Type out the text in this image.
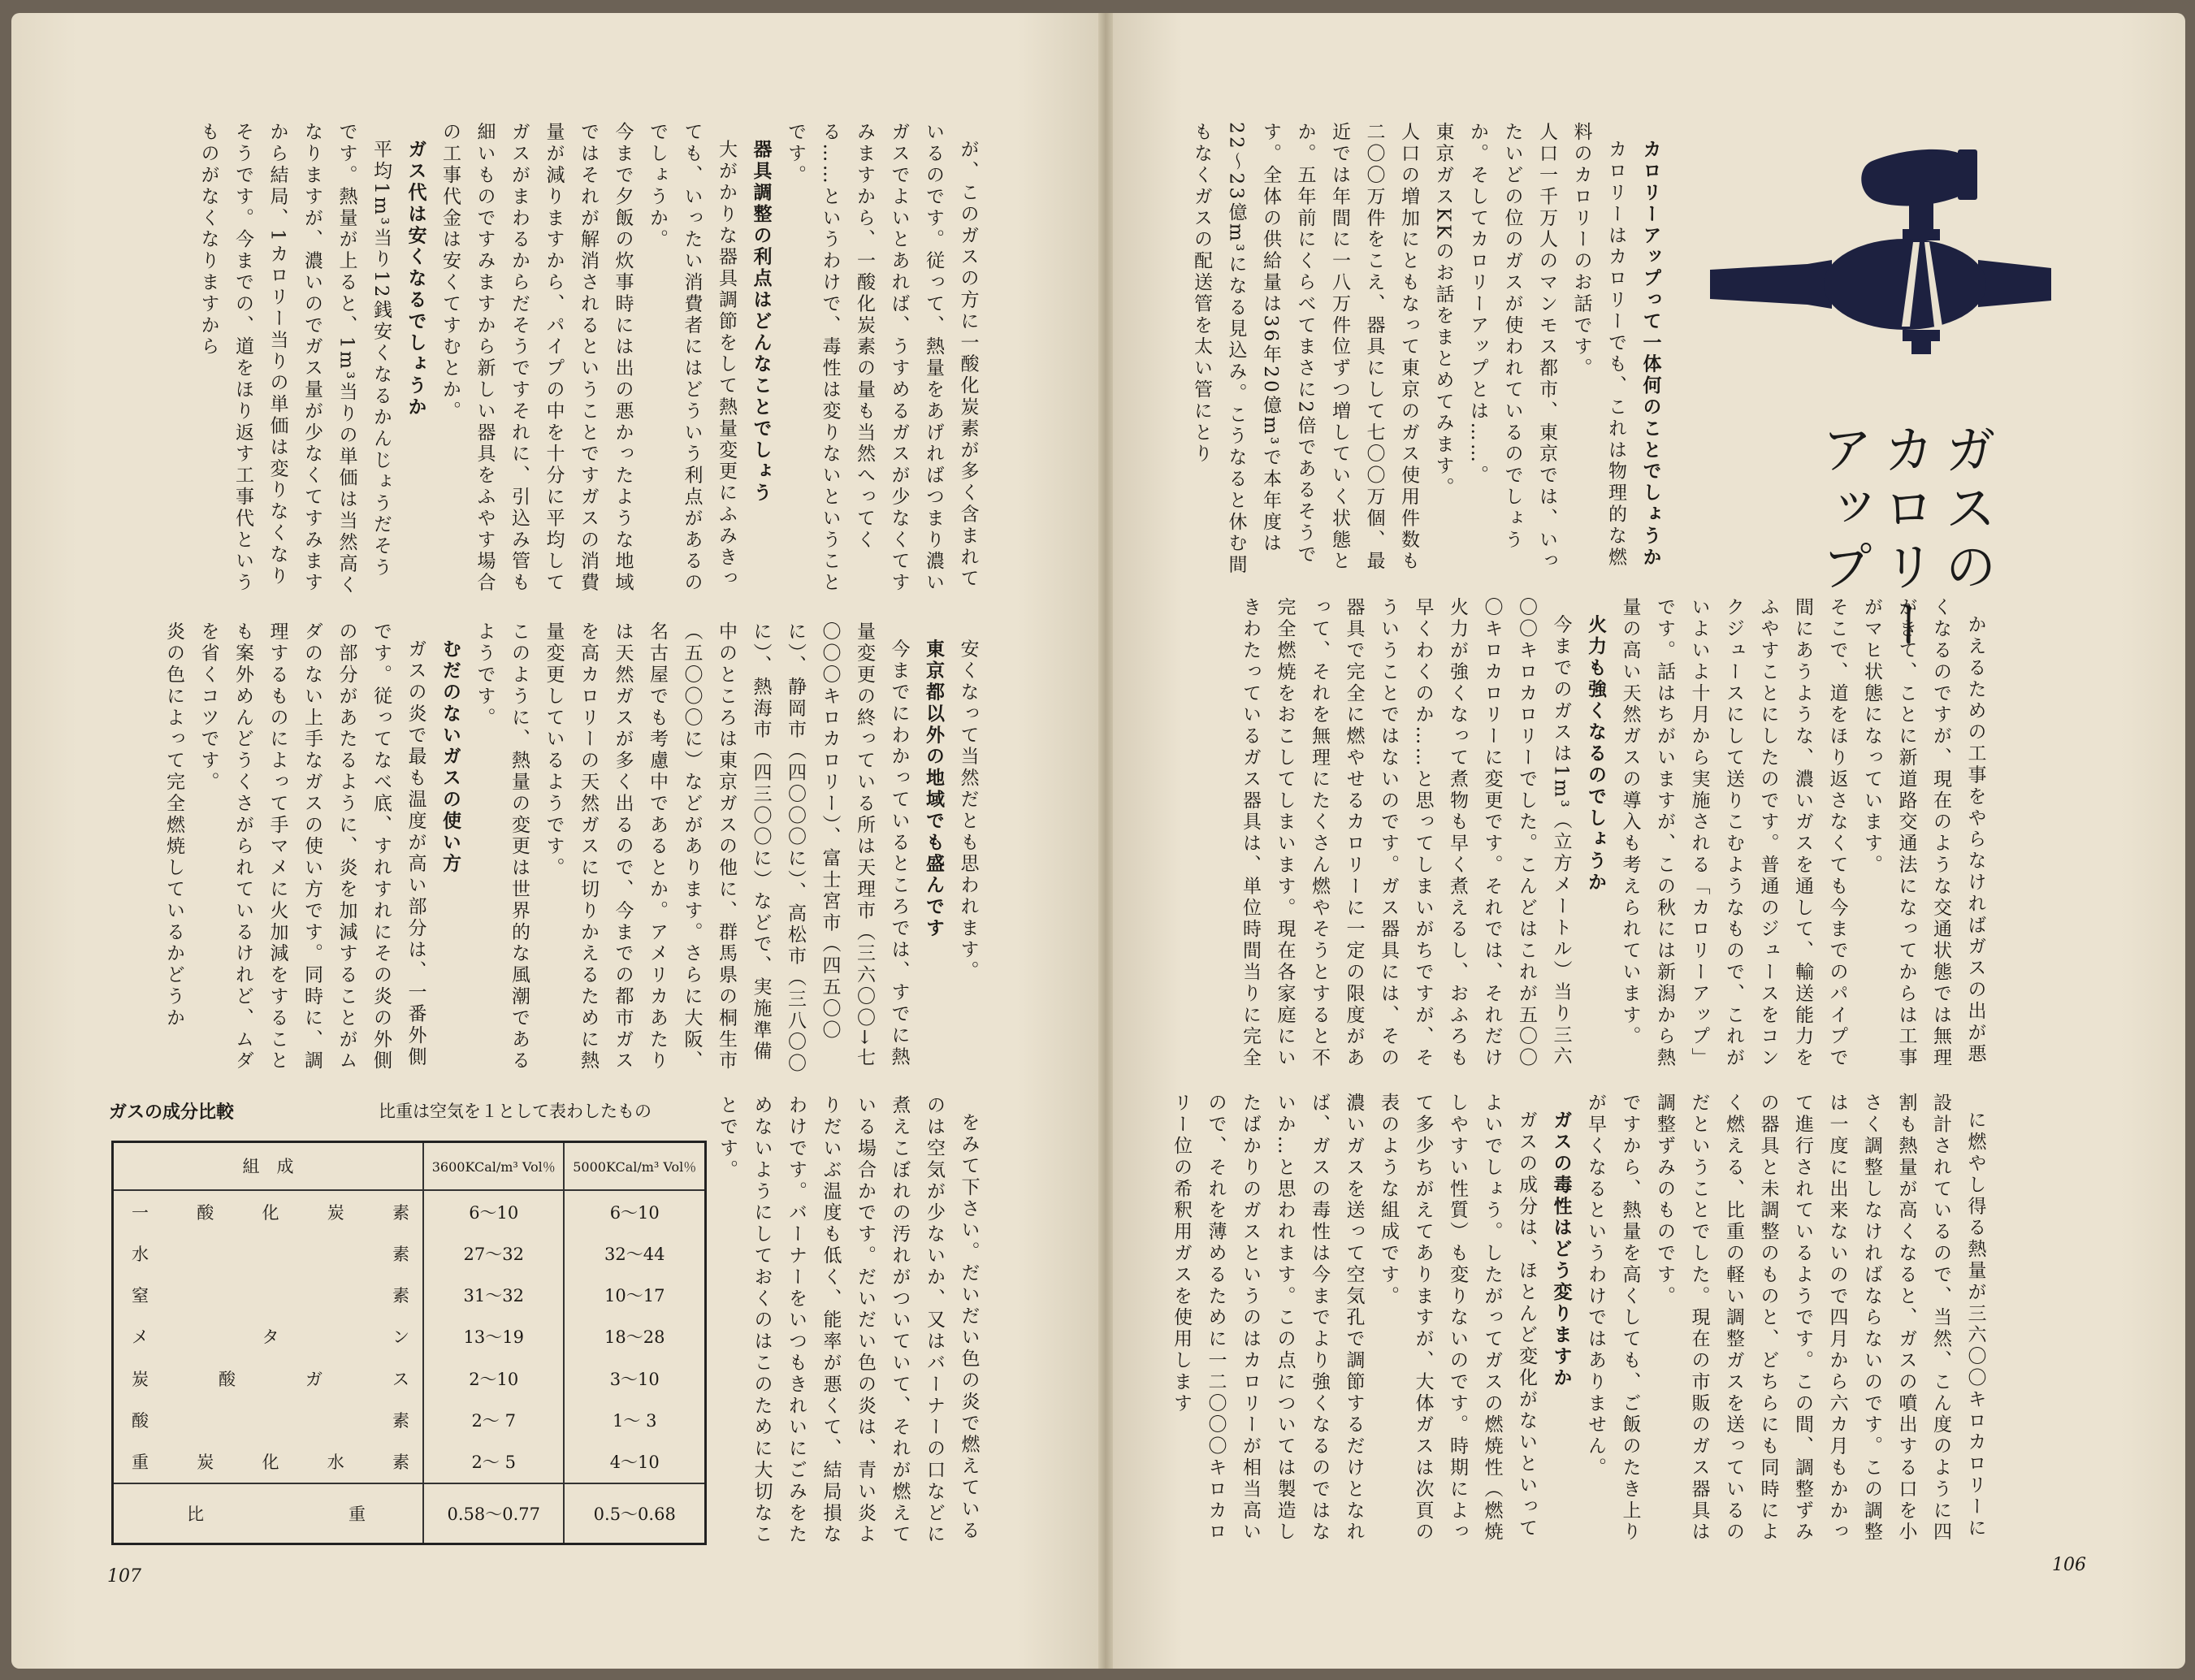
が、このガスの方に一酸化炭素が多く含まれているのです。従って、熱量をあげればつまり濃いガスでよいとあれば、うすめるガスが少なくてすみますから、一酸化炭素の量も当然へってくる……というわけで、毒性は変りないということです。
器具調整の利点はどんなことでしょう
大がかりな器具調節をして熱量変更にふみきっても、いったい消費者にはどういう利点があるのでしょうか。
今まで夕飯の炊事時には出の悪かったような地域ではそれが解消されるということですガスの消費量が減りますから、パイプの中を十分に平均してガスがまわるからだそうですそれに、引込み管も細いものですみますから新しい器具をふやす場合の工事代金は安くてすむとか。
ガス代は安くなるでしょうか
平均1m³当り12銭安くなるかんじょうだそうです。熱量が上ると、1m³当りの単価は当然高くなりますが、濃いのでガス量が少なくてすみますから結局、1カロリー当りの単価は変りなくなりそうです。今までの、道をほり返す工事代というものがなくなりますから

安くなって当然だとも思われます。
東京都以外の地域でも盛んです
今までにわかっているところでは、すでに熱量変更の終っている所は天理市（三六〇〇→七〇〇〇キロカロリー）、富士宮市（四五〇〇に）、静岡市（四〇〇〇に）、高松市（三八〇〇に）、熱海市（四三〇〇に）などで、実施準備中のところは東京ガスの他に、群馬県の桐生市（五〇〇〇に）などがあります。さらに大阪、名古屋でも考慮中であるとか。アメリカあたりは天然ガスが多く出るので、今までの都市ガスを高カロリーの天然ガスに切りかえるために熱量変更しているようです。
このように、熱量の変更は世界的な風潮であるようです。
むだのないガスの使い方
ガスの炎で最も温度が高い部分は、一番外側です。従ってなべ底、すれすれにその炎の外側の部分があたるように、炎を加減することがムダのない上手なガスの使い方です。同時に、調理するものによって手マメに火加減をすることも案外めんどうくさがられているけれど、ムダを省くコツです。
炎の色によって完全燃焼しているかどうか

をみて下さい。だいだい色の炎で燃えているのは空気が少ないか、又はバーナーの口などに煮えこぼれの汚れがついていて、それが燃えている場合かです。だいだい色の炎は、青い炎よりだいぶ温度も低く、能率が悪くて、結局損なわけです。バーナーをいつもきれいにごみをためないようにしておくのはこのために大切なことです。

ガスの成分比較	比重は空気を１として表わしたもの
組　成	3600KCal/m³ Vol％	5000KCal/m³ Vol％
一酸化炭素	6〜10	6〜10
水素	27〜32	32〜44
窒素	31〜32	10〜17
メタン	13〜19	18〜28
炭酸ガス	2〜10	3〜10
酸素	2〜 7	1〜 3
重炭化水素	2〜 5	4〜10
比重	0.58〜0.77	0.5〜0.68
107
ガスの
カロリー
アップ

カロリーアップって一体何のことでしょうか
カロリーはカロリーでも、これは物理的な燃料のカロリーのお話です。
人口一千万人のマンモス都市、東京では、いったいどの位のガスが使われているのでしょうか。そしてカロリーアップとは……。
東京ガスKKのお話をまとめてみます。
人口の増加にともなって東京のガス使用件数も二〇〇万件をこえ、器具にして七〇〇万個、最近では年間に一八万件位ずつ増していく状態とか。五年前にくらべてまさに2倍であるそうです。全体の供給量は36年20億m³で本年度は22〜23億m³になる見込み。こうなると休む間もなくガスの配送管を太い管にとり

かえるための工事をやらなければガスの出が悪くなるのですが、現在のような交通状態では無理がきて、ことに新道路交通法になってからは工事がマヒ状態になっています。
そこで、道をほり返さなくても今までのパイプで間にあうような、濃いガスを通して、輸送能力をふやすことにしたのです。普通のジュースをコンクジュースにして送りこむようなもので、これがいよいよ十月から実施される「カロリーアップ」です。話はちがいますが、この秋には新潟から熱量の高い天然ガスの導入も考えられています。
火力も強くなるのでしょうか
今までのガスは1m³（立方メートル）当り三六〇〇キロカロリーでした。こんどはこれが五〇〇〇キロカロリーに変更です。それでは、それだけ火力が強くなって煮物も早く煮えるし、おふろも早くわくのか……と思ってしまいがちですが、そういうことではないのです。ガス器具には、その器具で完全に燃やせるカロリーに一定の限度があって、それを無理にたくさん燃やそうとすると不完全燃焼をおこしてしまいます。現在各家庭にいきわたっているガス器具は、単位時間当りに完全

に燃やし得る熱量が三六〇〇キロカロリーに設計されているので、当然、こん度のように四割も熱量が高くなると、ガスの噴出する口を小さく調整しなければならないのです。この調整は一度に出来ないので四月から六カ月もかかって進行されているようです。この間、調整ずみの器具と未調整のものと、どちらにも同時によく燃える、比重の軽い調整ガスを送っているのだということでした。現在の市販のガス器具は調整ずみのものです。
ですから、熱量を高くしても、ご飯のたき上りが早くなるというわけではありません。
ガスの毒性はどう変りますか
ガスの成分は、ほとんど変化がないといってよいでしょう。したがってガスの燃焼性（燃焼しやすい性質）も変りないのです。時期によって多少ちがえてありますが、大体ガスは次頁の表のような組成です。
濃いガスを送って空気孔で調節するだけとなれば、ガスの毒性は今までより強くなるのではないか…と思われます。この点については製造したばかりのガスというのはカロリーが相当高いので、それを薄めるために一二〇〇〇キロカロリー位の希釈用ガスを使用します

106
